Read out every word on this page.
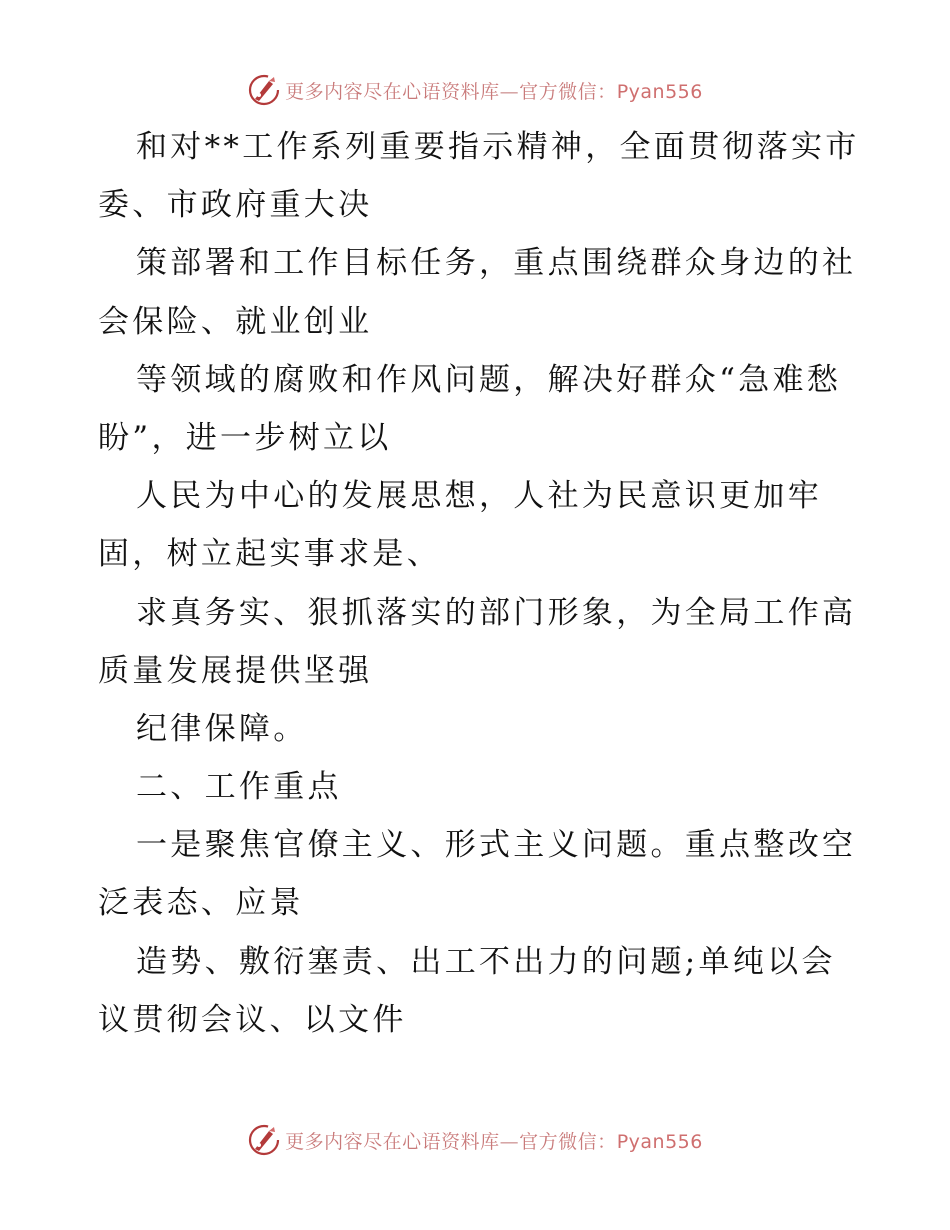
更多内容尽在心语资料库—官方微信：Pyan556
和对**工作系列重要指示精神，全面贯彻落实市
委、市政府重大决
策部署和工作目标任务，重点围绕群众身边的社
会保险、就业创业
等领域的腐败和作风问题，解决好群众“急难愁
盼”，进一步树立以
人民为中心的发展思想，人社为民意识更加牢
固，树立起实事求是、
求真务实、狠抓落实的部门形象，为全局工作高
质量发展提供坚强
纪律保障。
二、工作重点
一是聚焦官僚主义、形式主义问题。重点整改空
泛表态、应景
造势、敷衍塞责、出工不出力的问题;单纯以会
议贯彻会议、以文件
更多内容尽在心语资料库—官方微信：Pyan556
